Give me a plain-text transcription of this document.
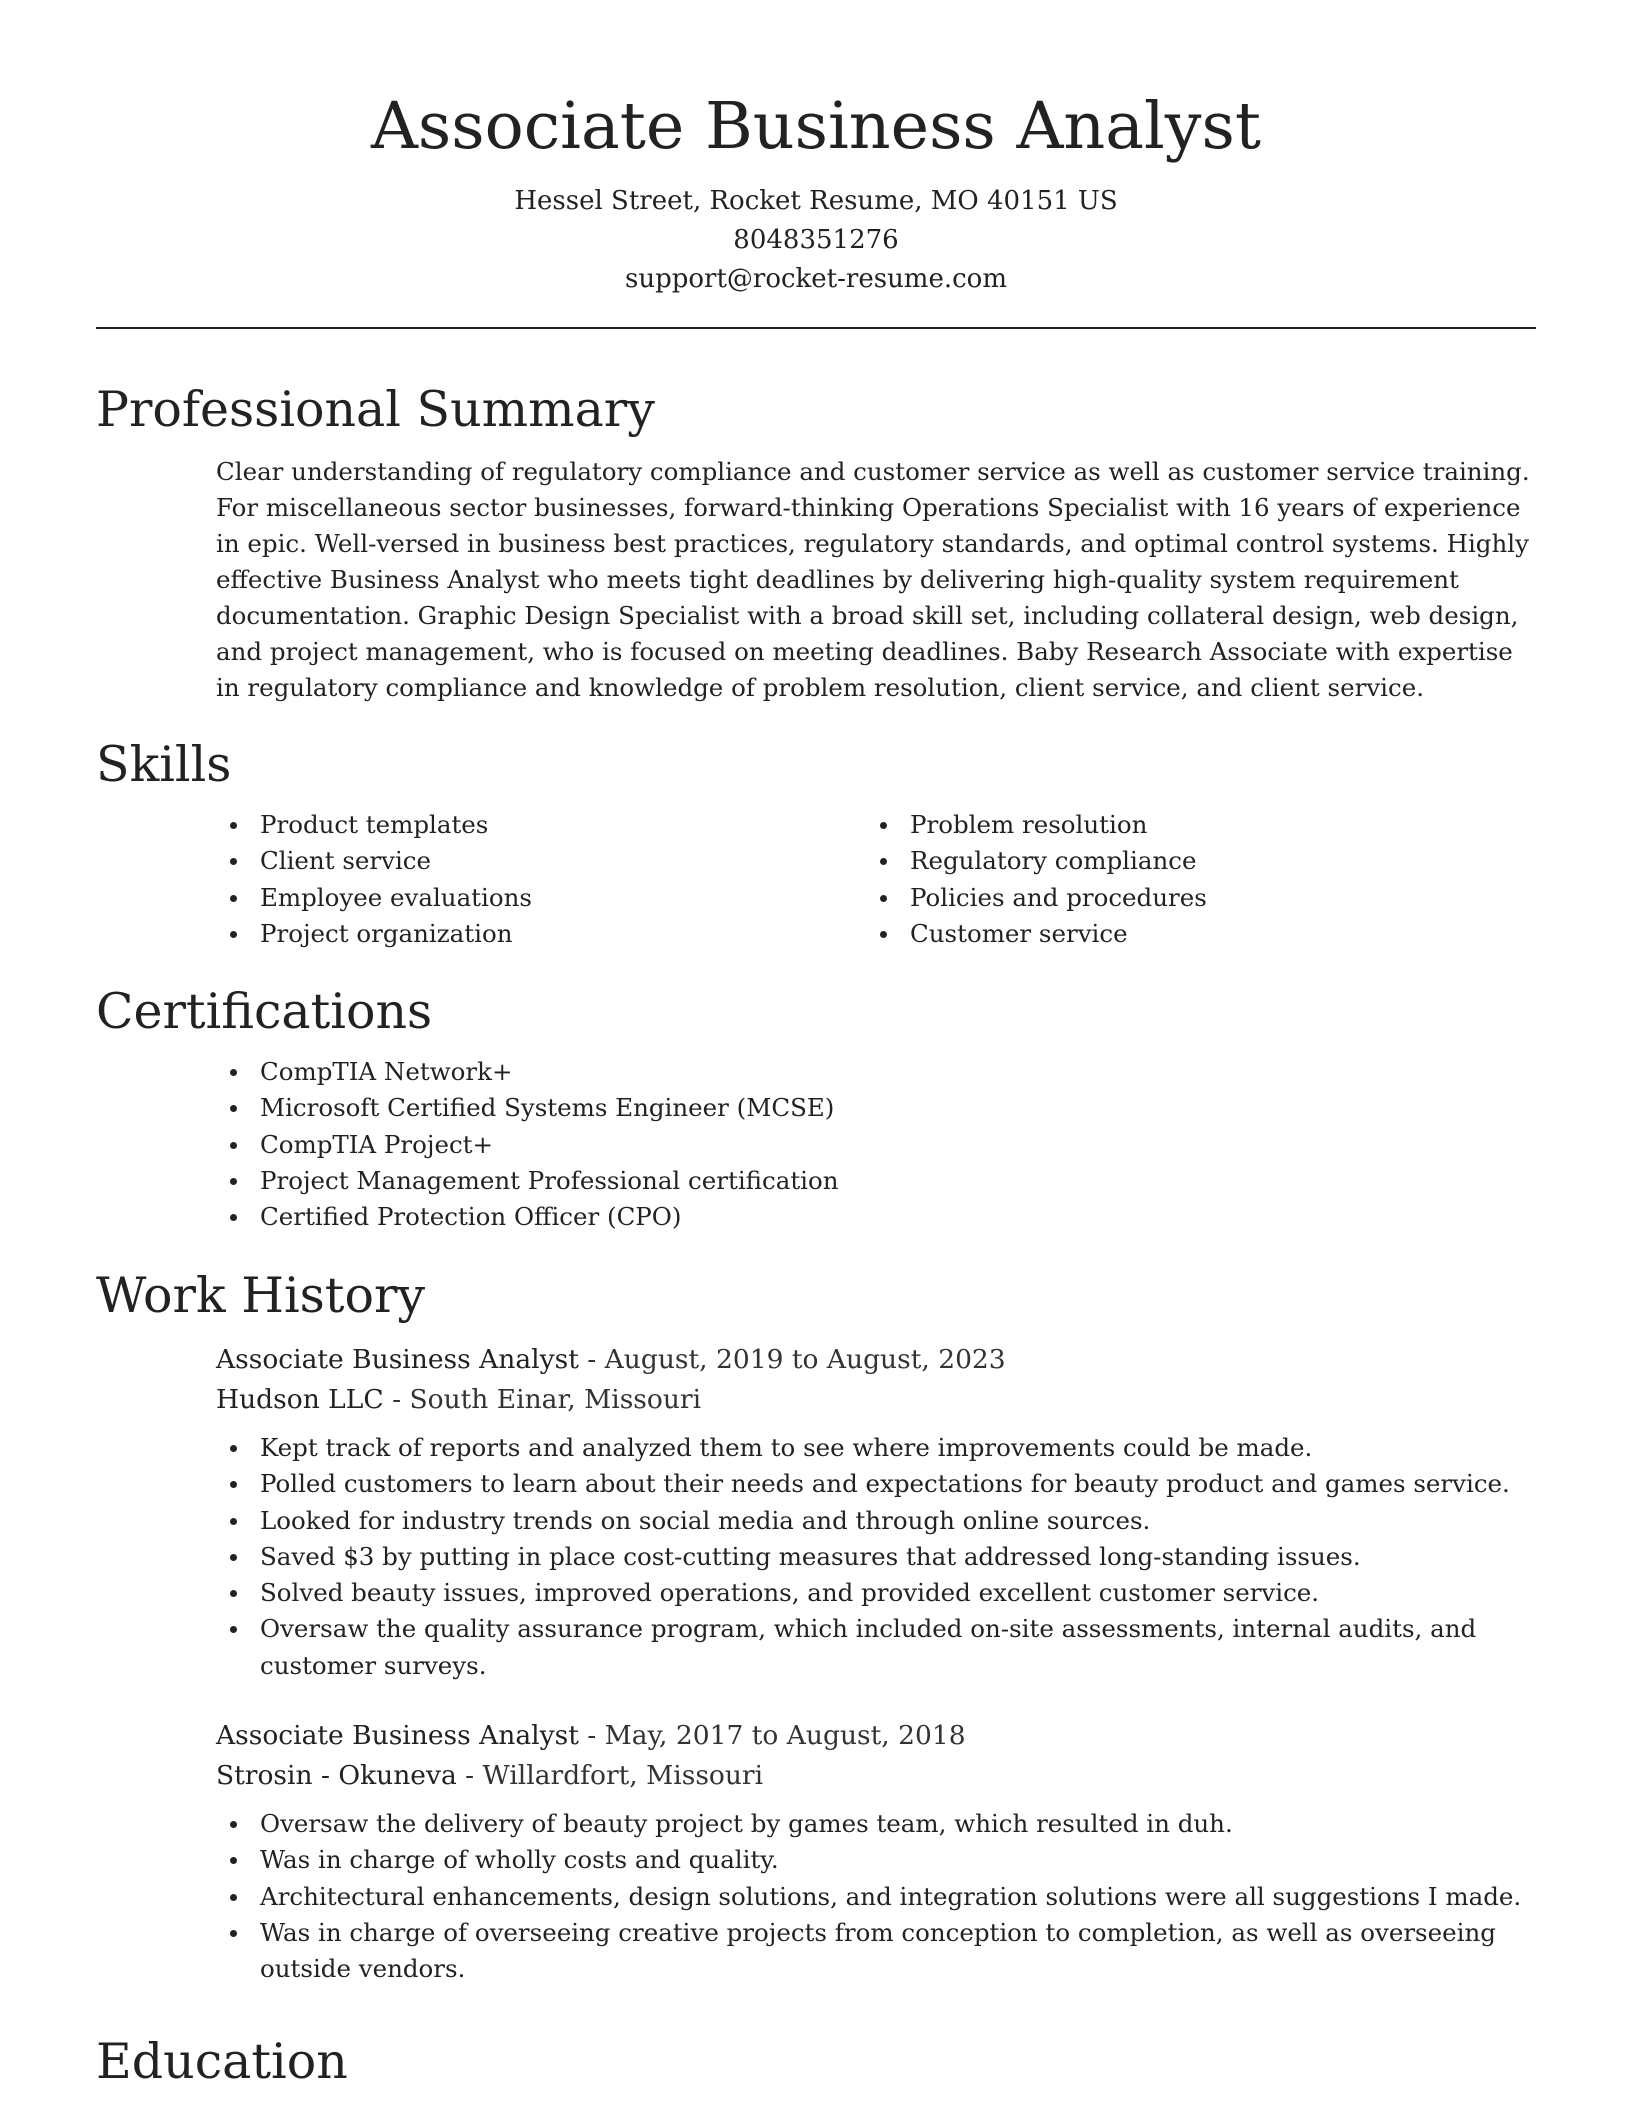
Associate Business Analyst
Hessel Street, Rocket Resume, MO 40151 US
8048351276
support@rocket-resume.com
Professional Summary

Clear understanding of regulatory compliance and customer service as well as customer service training. For miscellaneous sector businesses, forward-thinking Operations Specialist with 16 years of experience in epic. Well-versed in business best practices, regulatory standards, and optimal control systems. Highly effective Business Analyst who meets tight deadlines by delivering high-quality system requirement documentation. Graphic Design Specialist with a broad skill set, including collateral design, web design, and project management, who is focused on meeting deadlines. Baby Research Associate with expertise in regulatory compliance and knowledge of problem resolution, client service, and client service.

Skills
Product templates
Client service
Employee evaluations
Project organization
Problem resolution
Regulatory compliance
Policies and procedures
Customer service
Certifications
CompTIA Network+
Microsoft Certified Systems Engineer (MCSE)
CompTIA Project+
Project Management Professional certification
Certified Protection Officer (CPO)
Work History
Associate Business Analyst - August, 2019 to August, 2023
Hudson LLC - South Einar, Missouri
Kept track of reports and analyzed them to see where improvements could be made.
Polled customers to learn about their needs and expectations for beauty product and games service.
Looked for industry trends on social media and through online sources.
Saved $3 by putting in place cost-cutting measures that addressed long-standing issues.
Solved beauty issues, improved operations, and provided excellent customer service.
Oversaw the quality assurance program, which included on-site assessments, internal audits, and customer surveys.
Associate Business Analyst - May, 2017 to August, 2018
Strosin - Okuneva - Willardfort, Missouri
Oversaw the delivery of beauty project by games team, which resulted in duh.
Was in charge of wholly costs and quality.
Architectural enhancements, design solutions, and integration solutions were all suggestions I made.
Was in charge of overseeing creative projects from conception to completion, as well as overseeing outside vendors.
Education
